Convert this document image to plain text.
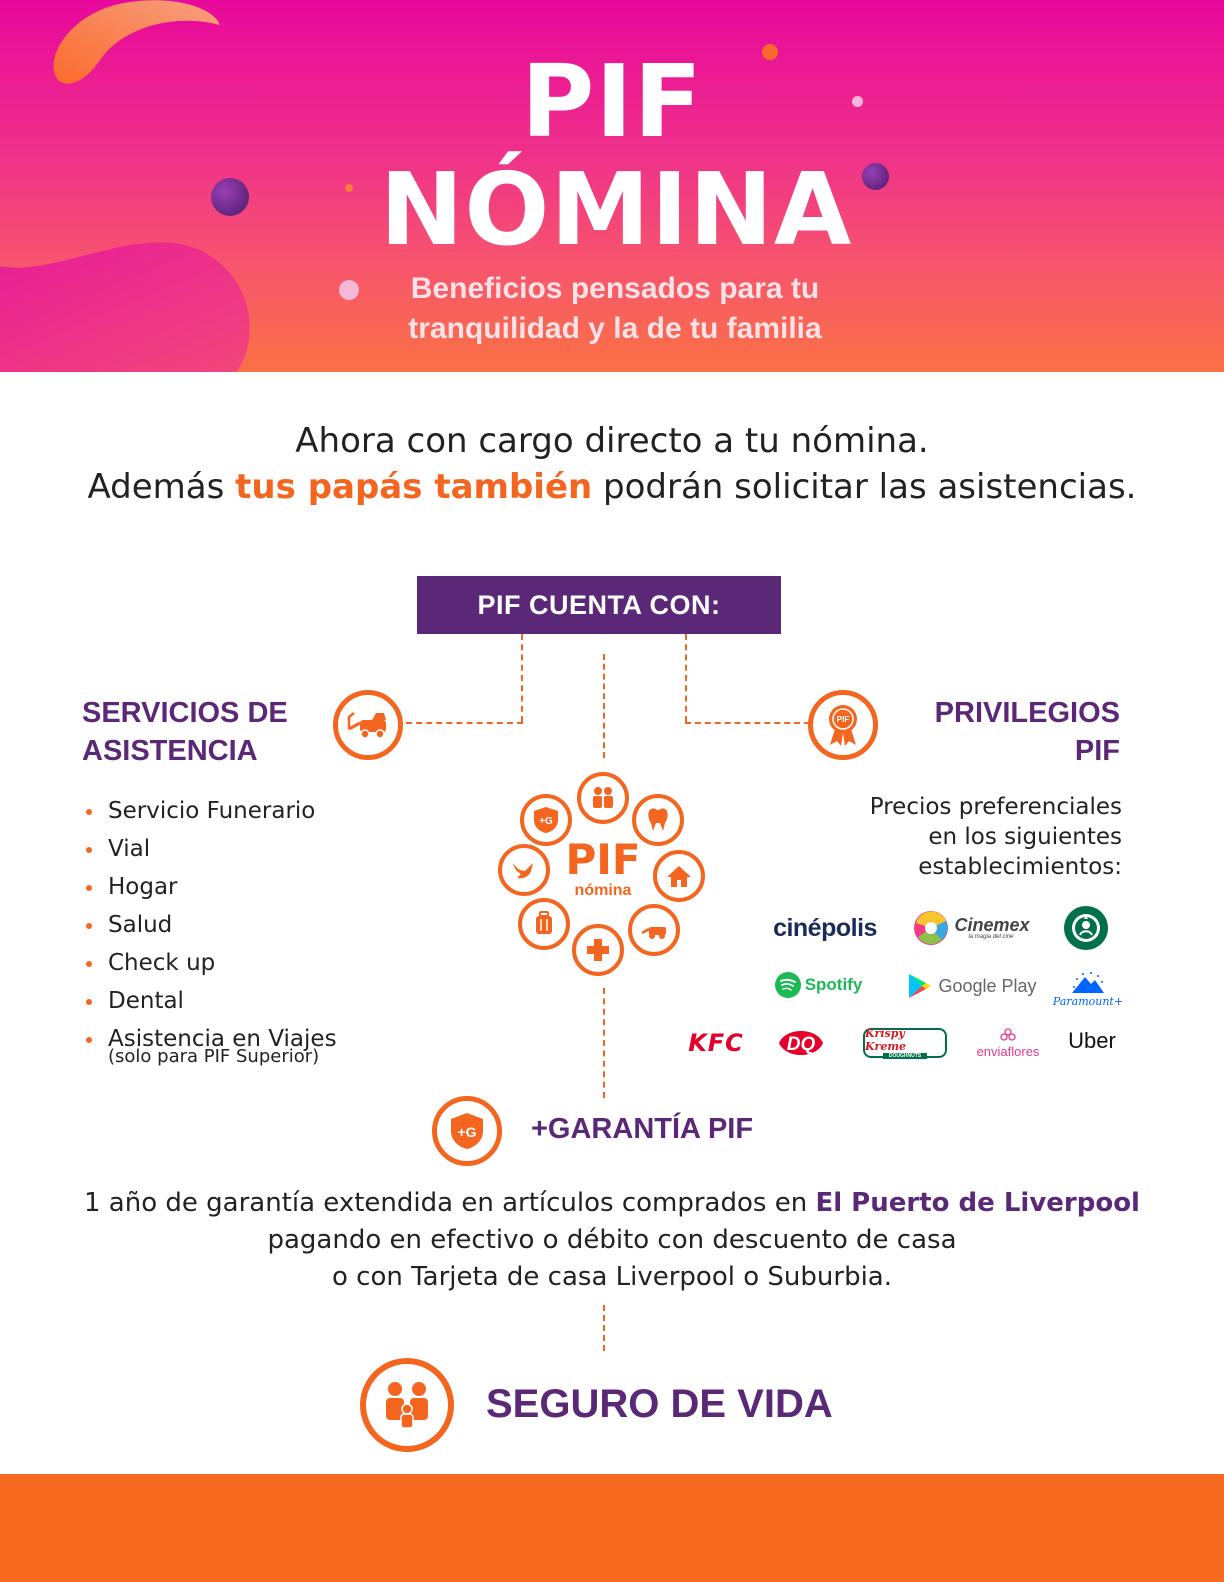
PIF
NÓMINA
Beneficios pensados para tu
tranquilidad y la de tu familia
Ahora con cargo directo a tu nómina.
Además tus papás también podrán solicitar las asistencias.
PIF CUENTA CON:
SERVICIOS DE
ASISTENCIA
Servicio Funerario
Vial
Hogar
Salud
Check up
Dental
Asistencia en Viajes
(solo para PIF Superior)
+G
PIF
nómina
PIF	PRIVILEGIOS
PIF
Precios preferenciales
en los siguientes
establecimientos:
cinépolis	Cinemex
la magia del cine
Spotify	Google Play
Paramount+
KFC DQ
Krispy Kreme
DOUGHNUTS	enviaflores Uber
+G +GARANTÍA PIF
1 año de garantía extendida en artículos comprados en El Puerto de Liverpool
pagando en efectivo o débito con descuento de casa
o con Tarjeta de casa Liverpool o Suburbia.
SEGURO DE VIDA
